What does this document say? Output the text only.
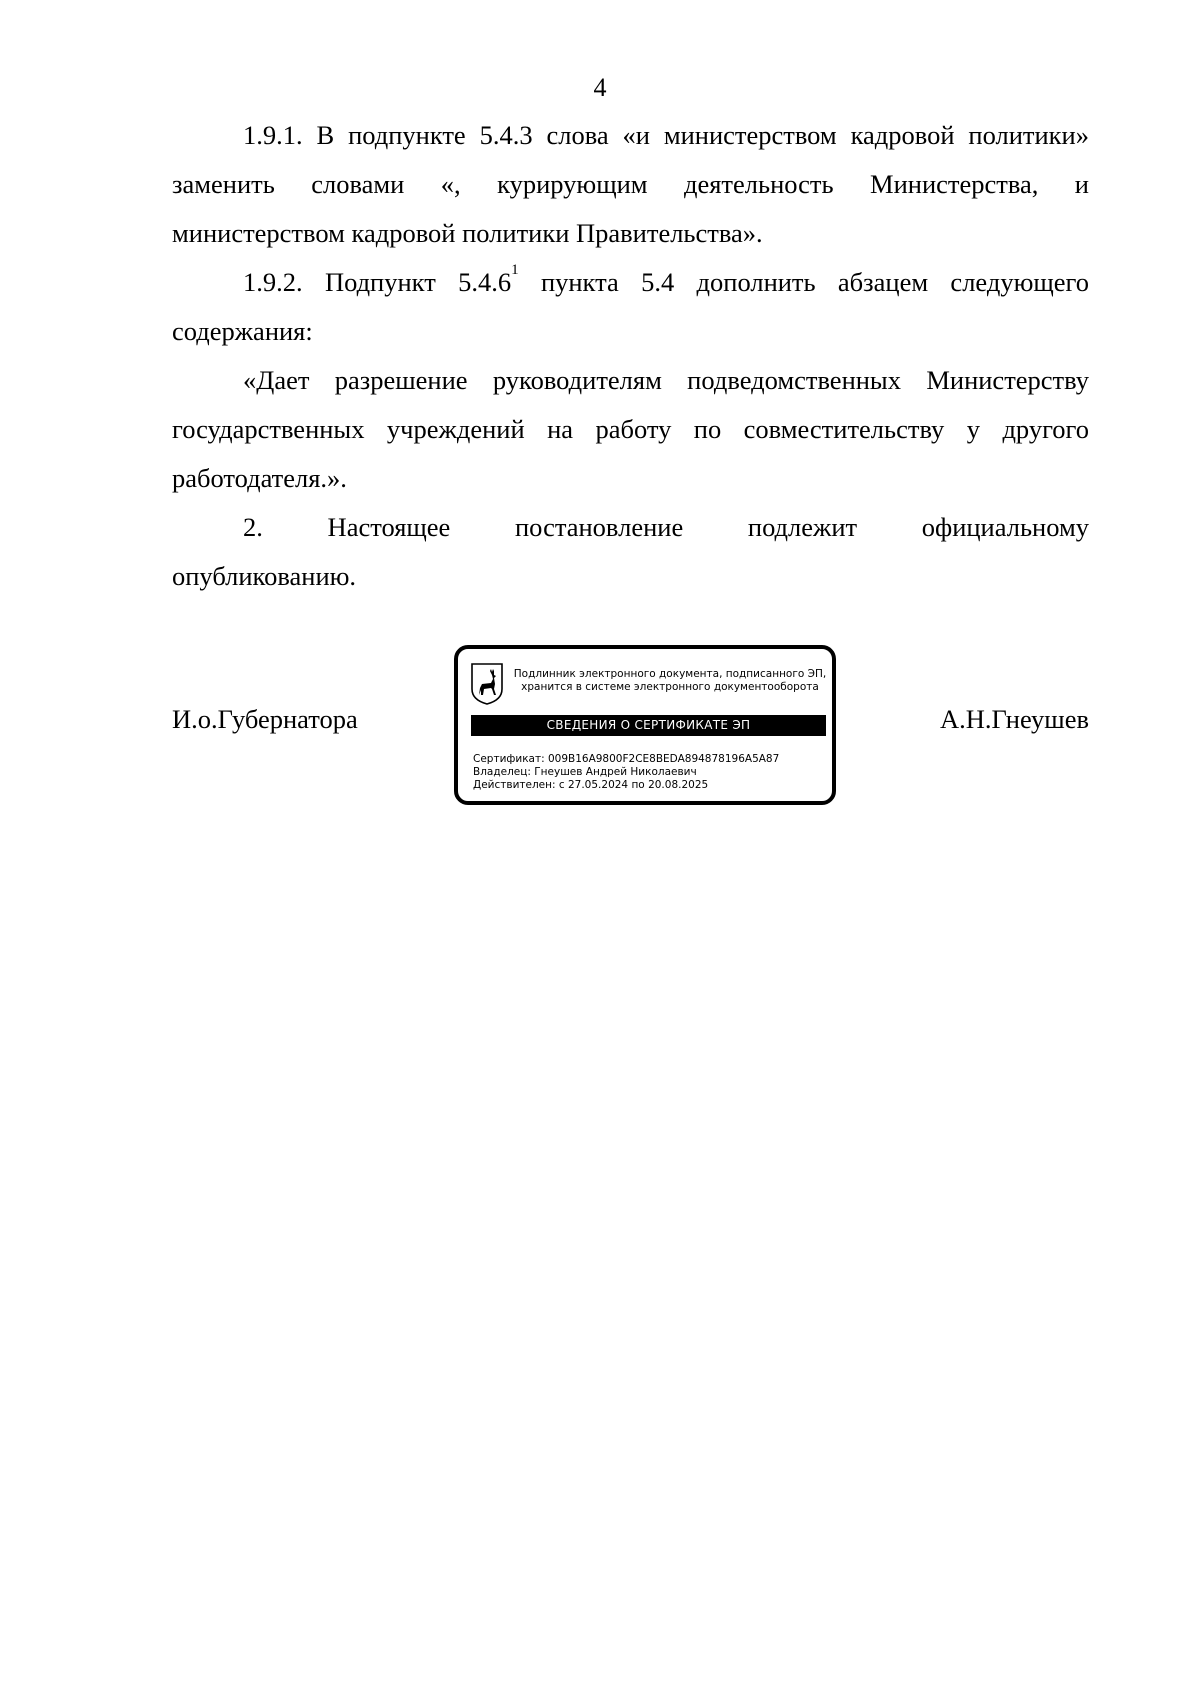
4

1.9.1. В подпункте 5.4.3 слова «и министерством кадровой политики» заменить словами «, курирующим деятельность Министерства, и министерством кадровой политики Правительства».

1.9.2. Подпункт 5.4.6$^1$ пункта 5.4 дополнить абзацем следующего содержания:

«Дает разрешение руководителям подведомственных Министерству государственных учреждений на работу по совместительству у другого работодателя.».

2. Настоящее постановление подлежит официальному

опубликованию.

И.о.Губернатора	А.Н.Гнеушев
Подлинник электронного документа, подписанного ЭП,
хранится в системе электронного документооборота
СВЕДЕНИЯ О СЕРТИФИКАТЕ ЭП
Сертификат: 009B16A9800F2CE8BEDA894878196A5A87
Владелец: Гнеушев Андрей Николаевич
Действителен: с 27.05.2024 по 20.08.2025
